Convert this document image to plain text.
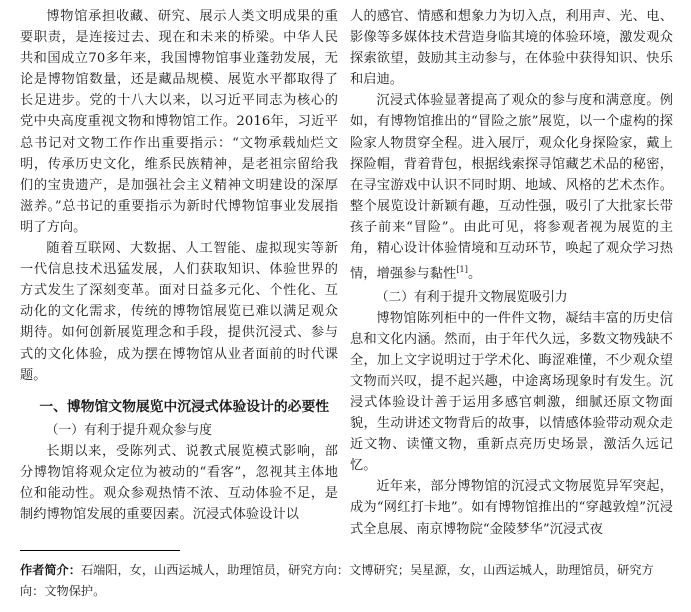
博物馆承担收藏、研究、展示人类文明成果的重要职责，是连接过去、现在和未来的桥梁。中华人民共和国成立70多年来，我国博物馆事业蓬勃发展，无论是博物馆数量，还是藏品规模、展览水平都取得了长足进步。党的十八大以来，以习近平同志为核心的党中央高度重视文物和博物馆工作。2016年，习近平总书记对文物工作作出重要指示：“文物承载灿烂文明，传承历史文化，维系民族精神，是老祖宗留给我们的宝贵遗产，是加强社会主义精神文明建设的深厚滋养。”总书记的重要指示为新时代博物馆事业发展指明了方向。

随着互联网、大数据、人工智能、虚拟现实等新一代信息技术迅猛发展，人们获取知识、体验世界的方式发生了深刻变革。面对日益多元化、个性化、互动化的文化需求，传统的博物馆展览已难以满足观众期待。如何创新展览理念和手段，提供沉浸式、参与式的文化体验，成为摆在博物馆从业者面前的时代课题。

一、博物馆文物展览中沉浸式体验设计的必要性
（一）有利于提升观众参与度

长期以来，受陈列式、说教式展览模式影响，部分博物馆将观众定位为被动的“看客”，忽视其主体地位和能动性。观众参观热情不浓、互动体验不足，是制约博物馆发展的重要因素。沉浸式体验设计以

人的感官、情感和想象力为切入点，利用声、光、电、影像等多媒体技术营造身临其境的体验环境，激发观众探索欲望，鼓励其主动参与，在体验中获得知识、快乐和启迪。

沉浸式体验显著提高了观众的参与度和满意度。例如，有博物馆推出的“冒险之旅”展览，以一个虚构的探险家人物贯穿全程。进入展厅，观众化身探险家，戴上探险帽，背着背包，根据线索探寻馆藏艺术品的秘密，在寻宝游戏中认识不同时期、地域、风格的艺术杰作。整个展览设计新颖有趣，互动性强，吸引了大批家长带孩子前来“冒险”。由此可见，将参观者视为展览的主角，精心设计体验情境和互动环节，唤起了观众学习热情，增强参与黏性[1]。

（二）有利于提升文物展览吸引力

博物馆陈列柜中的一件件文物，凝结丰富的历史信息和文化内涵。然而，由于年代久远，多数文物残缺不全，加上文字说明过于学术化、晦涩难懂，不少观众望文物而兴叹，提不起兴趣，中途离场现象时有发生。沉浸式体验设计善于运用多感官刺激，细腻还原文物面貌，生动讲述文物背后的故事，以情感体验带动观众走近文物、读懂文物，重新点亮历史场景，激活久远记忆。

近年来，部分博物馆的沉浸式文物展览异军突起，成为“网红打卡地”。如有博物馆推出的“穿越敦煌”沉浸式全息展、南京博物院“金陵梦华”沉浸式夜

作者简介：石端阳，女，山西运城人，助理馆员，研究方向：文博研究；吴星源，女，山西运城人，助理馆员，研究方向：文物保护。
